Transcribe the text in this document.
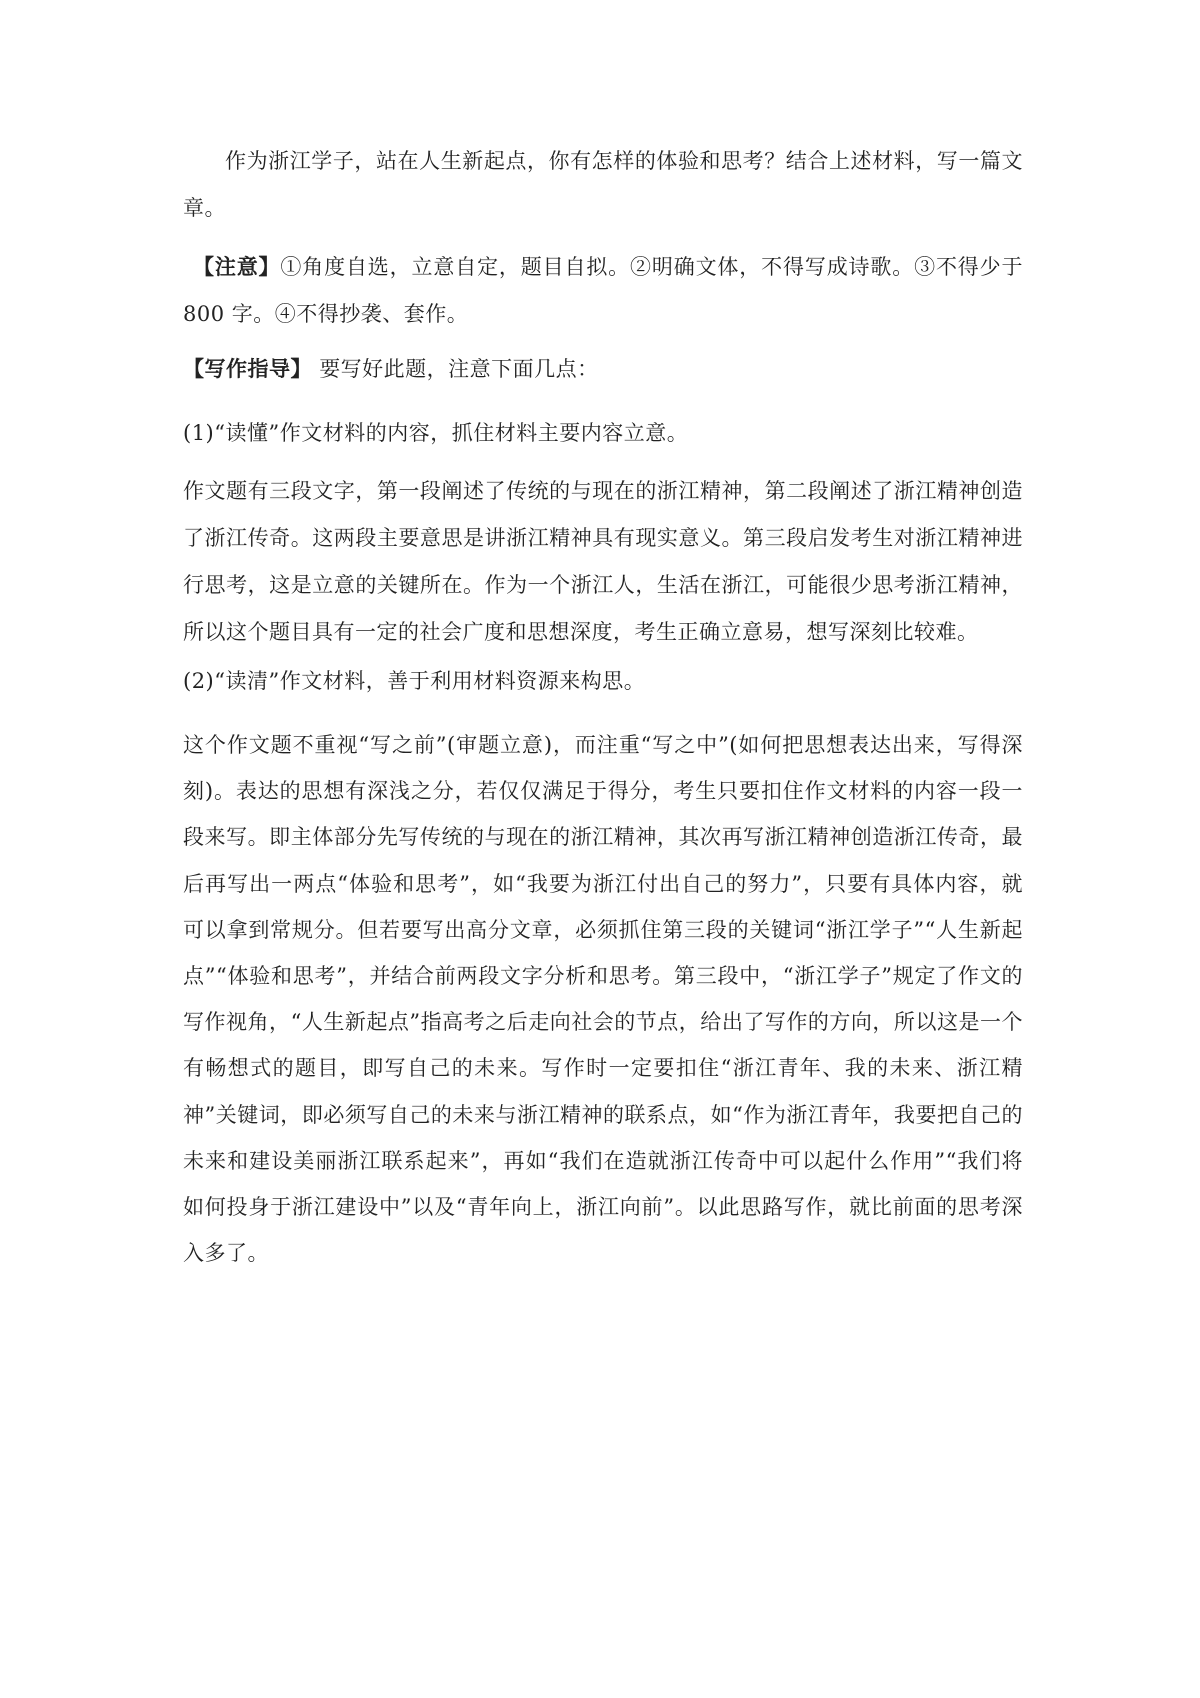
作为浙江学子，站在人生新起点，你有怎样的体验和思考？结合上述材料，写一篇文章。

【注意】①角度自选，立意自定，题目自拟。②明确文体，不得写成诗歌。③不得少于 800 字。④不得抄袭、套作。

【写作指导】 要写好此题，注意下面几点：

(1)“读懂”作文材料的内容，抓住材料主要内容立意。

作文题有三段文字，第一段阐述了传统的与现在的浙江精神，第二段阐述了浙江精神创造了浙江传奇。这两段主要意思是讲浙江精神具有现实意义。第三段启发考生对浙江精神进行思考，这是立意的关键所在。作为一个浙江人，生活在浙江，可能很少思考浙江精神，所以这个题目具有一定的社会广度和思想深度，考生正确立意易，想写深刻比较难。

(2)“读清”作文材料，善于利用材料资源来构思。

这个作文题不重视“写之前”(审题立意)，而注重“写之中”(如何把思想表达出来，写得深刻)。表达的思想有深浅之分，若仅仅满足于得分，考生只要扣住作文材料的内容一段一段来写。即主体部分先写传统的与现在的浙江精神，其次再写浙江精神创造浙江传奇，最后再写出一两点“体验和思考”，如“我要为浙江付出自己的努力”，只要有具体内容，就可以拿到常规分。但若要写出高分文章，必须抓住第三段的关键词“浙江学子”“人生新起点”“体验和思考”，并结合前两段文字分析和思考。第三段中，“浙江学子”规定了作文的写作视角，“人生新起点”指高考之后走向社会的节点，给出了写作的方向，所以这是一个有畅想式的题目，即写自己的未来。写作时一定要扣住“浙江青年、我的未来、浙江精神”关键词，即必须写自己的未来与浙江精神的联系点，如“作为浙江青年，我要把自己的未来和建设美丽浙江联系起来”，再如“我们在造就浙江传奇中可以起什么作用”“我们将如何投身于浙江建设中”以及“青年向上，浙江向前”。以此思路写作，就比前面的思考深入多了。
